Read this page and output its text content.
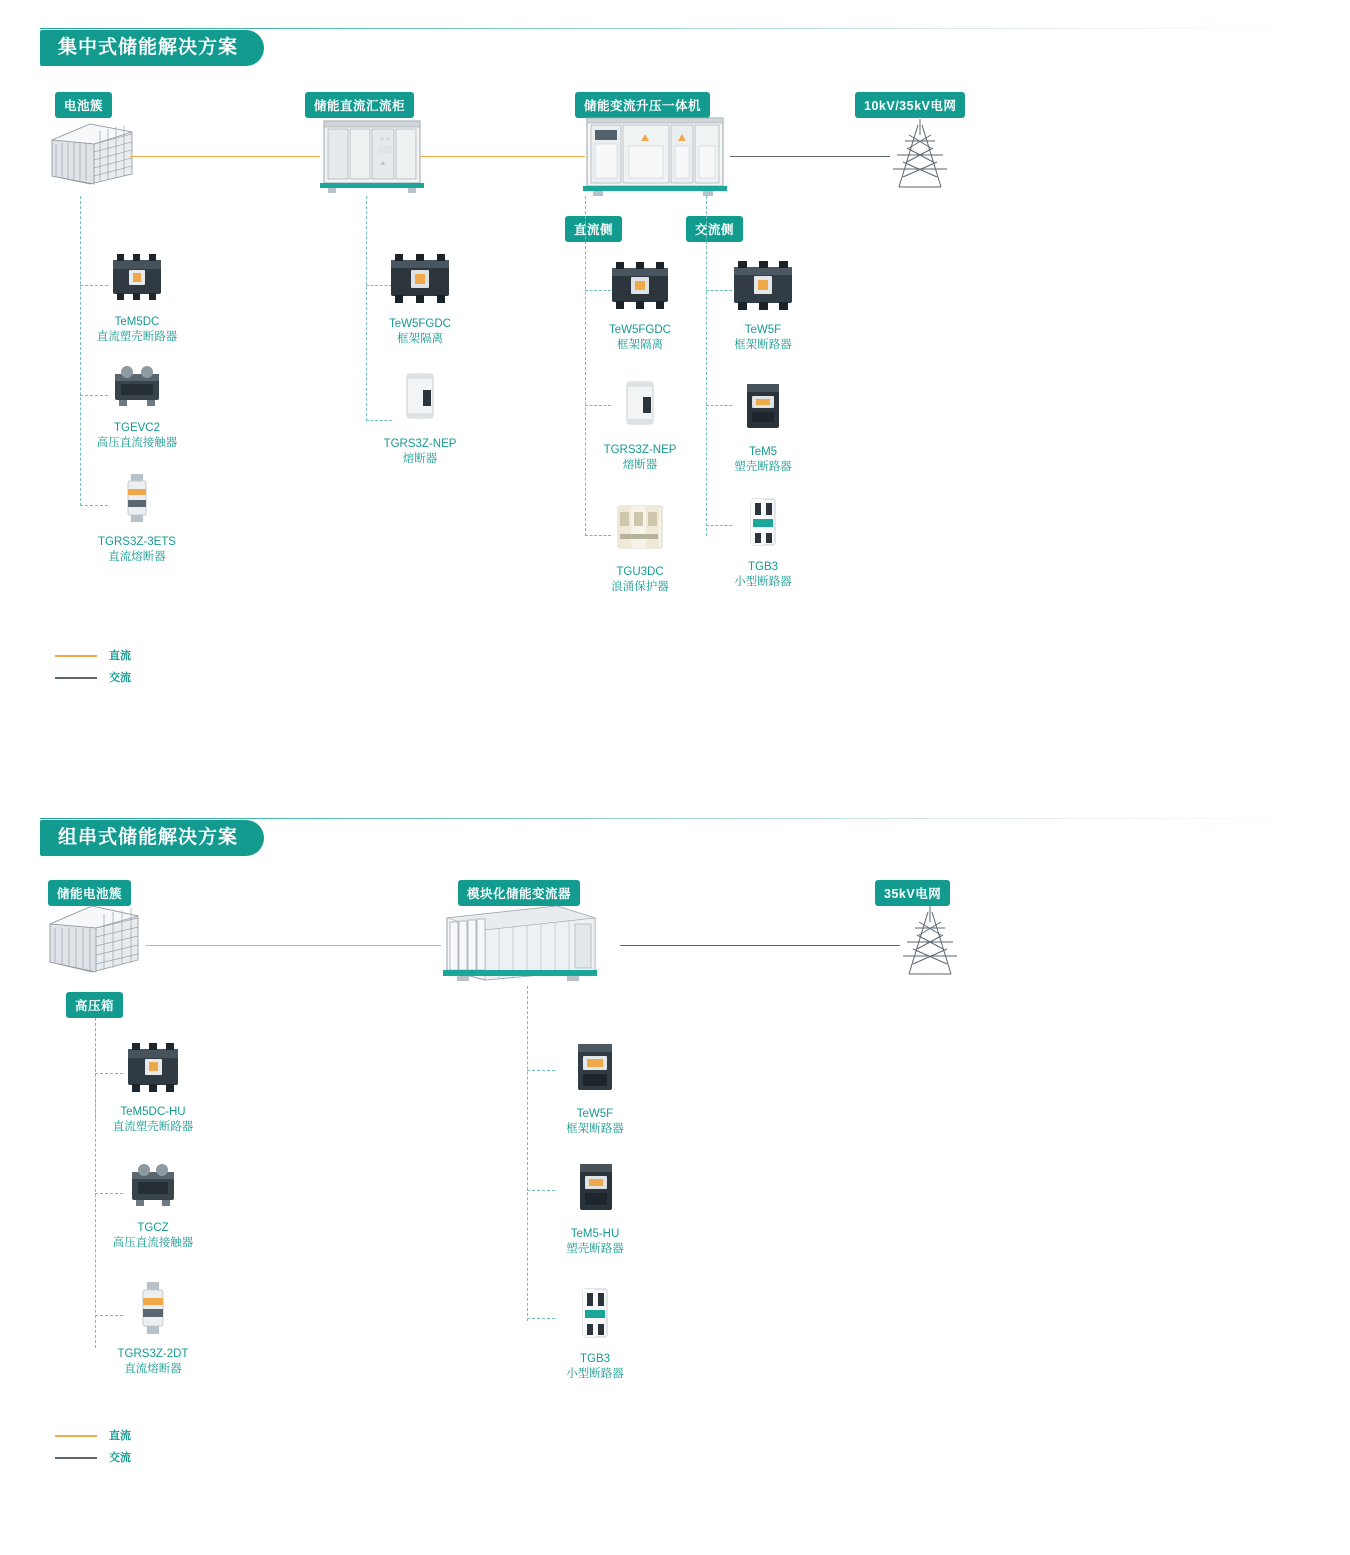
集中式储能解决方案
电池簇	储能直流汇流柜	储能变流升压一体机	10kV/35kV电网
▲
直流侧	交流侧
TeM5DC
直流塑壳断路器
TGEVC2
高压直流接触器
TGRS3Z-3ETS
直流熔断器
TeW5FGDC
框架隔离
TGRS3Z-NEP
熔断器
TeW5FGDC
框架隔离
TGRS3Z-NEP
熔断器
TGU3DC
浪涌保护器
TeW5F
框架断路器
TeM5
塑壳断路器
TGB3
小型断路器
直流
交流
组串式储能解决方案
储能电池簇	模块化储能变流器	35kV电网
高压箱
TeM5DC-HU
直流塑壳断路器
TGCZ
高压直流接触器
TGRS3Z-2DT
直流熔断器
TeW5F
框架断路器
TeM5-HU
塑壳断路器
TGB3
小型断路器
直流
交流
